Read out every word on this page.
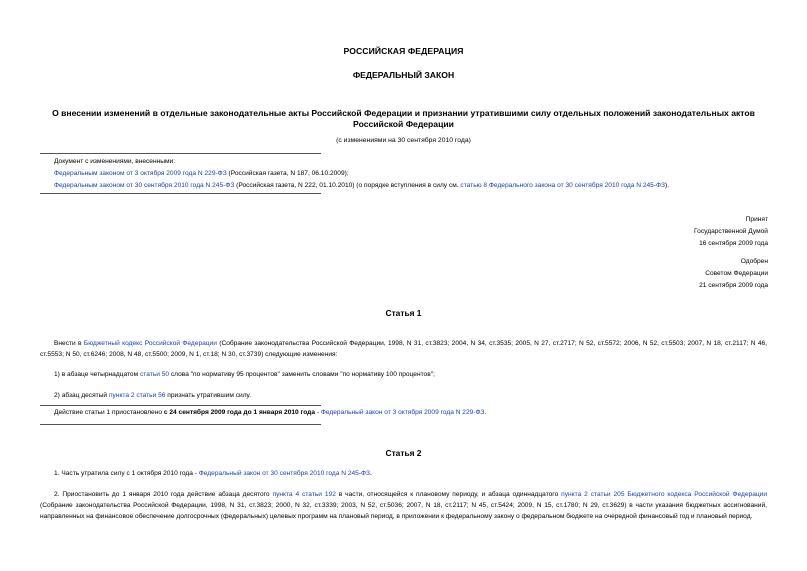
РОССИЙСКАЯ ФЕДЕРАЦИЯ
ФЕДЕРАЛЬНЫЙ ЗАКОН
О внесении изменений в отдельные законодательные акты Российской Федерации и признании утратившими силу отдельных положений законодательных актов Российской Федерации
(с изменениями на 30 сентября 2010 года)
Документ с изменениями, внесенными:
Федеральным законом от 3 октября 2009 года N 229-ФЗ (Российская газета, N 187, 06.10.2009);
Федеральным законом от 30 сентября 2010 года N 245-ФЗ (Российская газета, N 222, 01.10.2010) (о порядке вступления в силу см. статью 8 Федерального закона от 30 сентября 2010 года N 245-ФЗ).
Принят
Государственной Думой
16 сентября 2009 года
Одобрен
Советом Федерации
21 сентября 2009 года
Статья 1
Внести в Бюджетный кодекс Российской Федерации (Собрание законодательства Российской Федерации, 1998, N 31, ст.3823; 2004, N 34, ст.3535; 2005, N 27, ст.2717; N 52, ст.5572; 2006, N 52, ст.5503; 2007, N 18, ст.2117; N 46, ст.5553; N 50, ст.6246; 2008, N 48, ст.5500; 2009, N 1, ст.18; N 30, ст.3739) следующие изменения:
1) в абзаце четырнадцатом статьи 50 слова "по нормативу 95 процентов" заменить словами "по нормативу 100 процентов";
2) абзац десятый пункта 2 статьи 56 признать утратившим силу.
Действие статьи 1 приостановлено с 24 сентября 2009 года до 1 января 2010 года - Федеральный закон от 3 октября 2009 года N 229-ФЗ.
Статья 2
1. Часть утратила силу с 1 октября 2010 года - Федеральный закон от 30 сентября 2010 года N 245-ФЗ.
2. Приостановить до 1 января 2010 года действие абзаца десятого пункта 4 статьи 192 в части, относящейся к плановому периоду, и абзаца одиннадцатого пункта 2 статьи 205 Бюджетного кодекса Российской Федерации (Собрание законодательства Российской Федерации, 1998, N 31, ст.3823; 2000, N 32, ст.3339; 2003, N 52, ст.5036; 2007, N 18, ст.2117; N 45, ст.5424; 2009, N 15, ст.1780; N 29, ст.3629) в части указания бюджетных ассигнований, направленных на финансовое обеспечение долгосрочных (федеральных) целевых программ на плановый период, в приложении к федеральному закону о федеральном бюджете на очередной финансовый год и плановый период.
